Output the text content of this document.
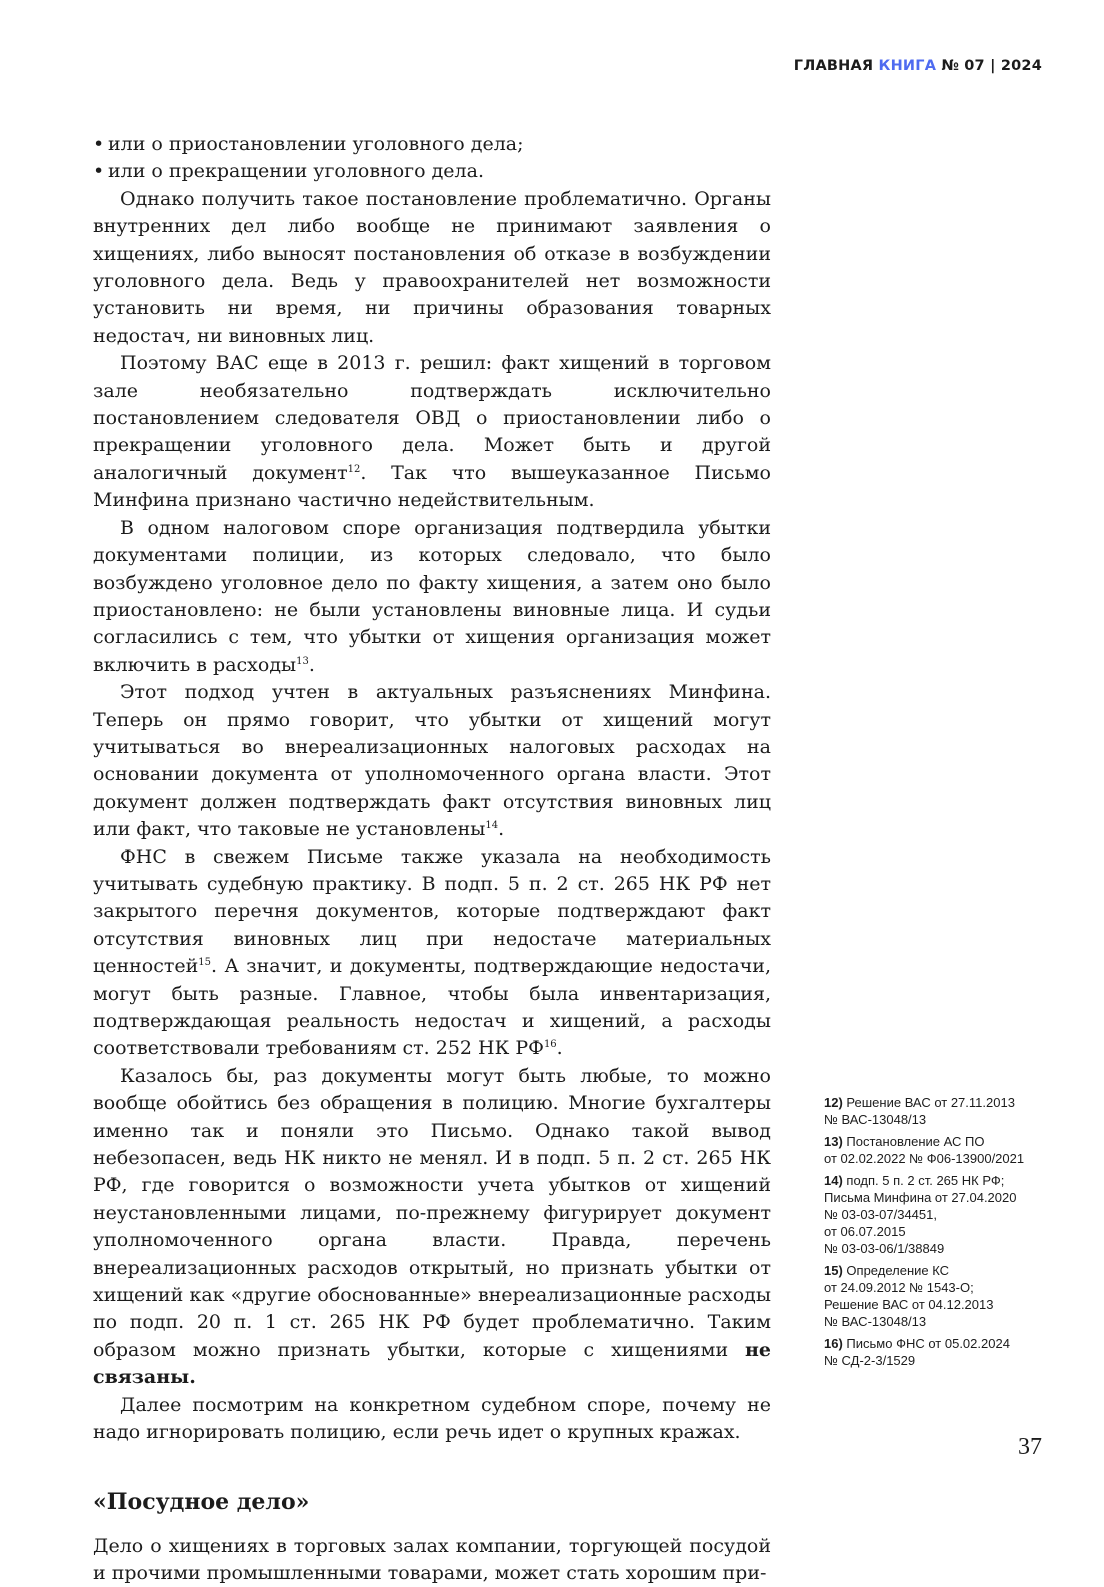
ГЛАВНАЯ КНИГА № 07 | 2024
• или о приостановлении уголовного дела;
• или о прекращении уголовного дела.

Однако получить такое постановление проблематично. Органы внутренних дел либо вообще не принимают заявления о хищениях, либо выносят постановления об отказе в возбуждении уголовного дела. Ведь у правоохранителей нет возможности установить ни время, ни причины образования товарных недостач, ни виновных лиц.

Поэтому ВАС еще в 2013 г. решил: факт хищений в торговом зале необязательно подтверждать исключительно постановлением следователя ОВД о приостановлении либо о прекращении уголовного дела. Может быть и другой аналогичный документ$^{12}$. Так что вышеуказанное Письмо Минфина признано частично недействительным.

В одном налоговом споре организация подтвердила убытки документами полиции, из которых следовало, что было возбуждено уголовное дело по факту хищения, а затем оно было приостановлено: не были установлены виновные лица. И судьи согласились с тем, что убытки от хищения организация может включить в расходы$^{13}$.

Этот подход учтен в актуальных разъяснениях Минфина. Теперь он прямо говорит, что убытки от хищений могут учитываться во внереализационных налоговых расходах на основании документа от уполномоченного органа власти. Этот документ должен подтверждать факт отсутствия виновных лиц или факт, что таковые не установлены$^{14}$.

ФНС в свежем Письме также указала на необходимость учитывать судебную практику. В подп. 5 п. 2 ст. 265 НК РФ нет закрытого перечня документов, которые подтверждают факт отсутствия виновных лиц при недостаче материальных ценностей$^{15}$. А значит, и документы, подтверждающие недостачи, могут быть разные. Главное, чтобы была инвентаризация, подтверждающая реальность недостач и хищений, а расходы соответствовали требованиям ст. 252 НК РФ$^{16}$.

Казалось бы, раз документы могут быть любые, то можно вообще обойтись без обращения в полицию. Многие бухгалтеры именно так и поняли это Письмо. Однако такой вывод небезопасен, ведь НК никто не менял. И в подп. 5 п. 2 ст. 265 НК РФ, где говорится о возможности учета убытков от хищений неустановленными лицами, по-прежнему фигурирует документ уполномоченного органа власти. Правда, перечень внереализационных расходов открытый, но признать убытки от хищений как «другие обоснованные» внереализационные расходы по подп. 20 п. 1 ст. 265 НК РФ будет проблематично. Таким образом можно признать убытки, которые с хищениями не связаны.

Далее посмотрим на конкретном судебном споре, почему не надо игнорировать полицию, если речь идет о крупных кражах.

«Посудное дело»

Дело о хищениях в торговых залах компании, торгующей посудой и прочими промышленными товарами, может стать хорошим при-

12) Решение ВАС от 27.11.2013
№ ВАС-13048/13
13) Постановление АС ПО
от 02.02.2022 № Ф06-13900/2021
14) подп. 5 п. 2 ст. 265 НК РФ;
Письма Минфина от 27.04.2020
№ 03-03-07/34451,
от 06.07.2015
№ 03-03-06/1/38849
15) Определение КС
от 24.09.2012 № 1543-О;
Решение ВАС от 04.12.2013
№ ВАС-13048/13
16) Письмо ФНС от 05.02.2024
№ СД-2-3/1529
37
